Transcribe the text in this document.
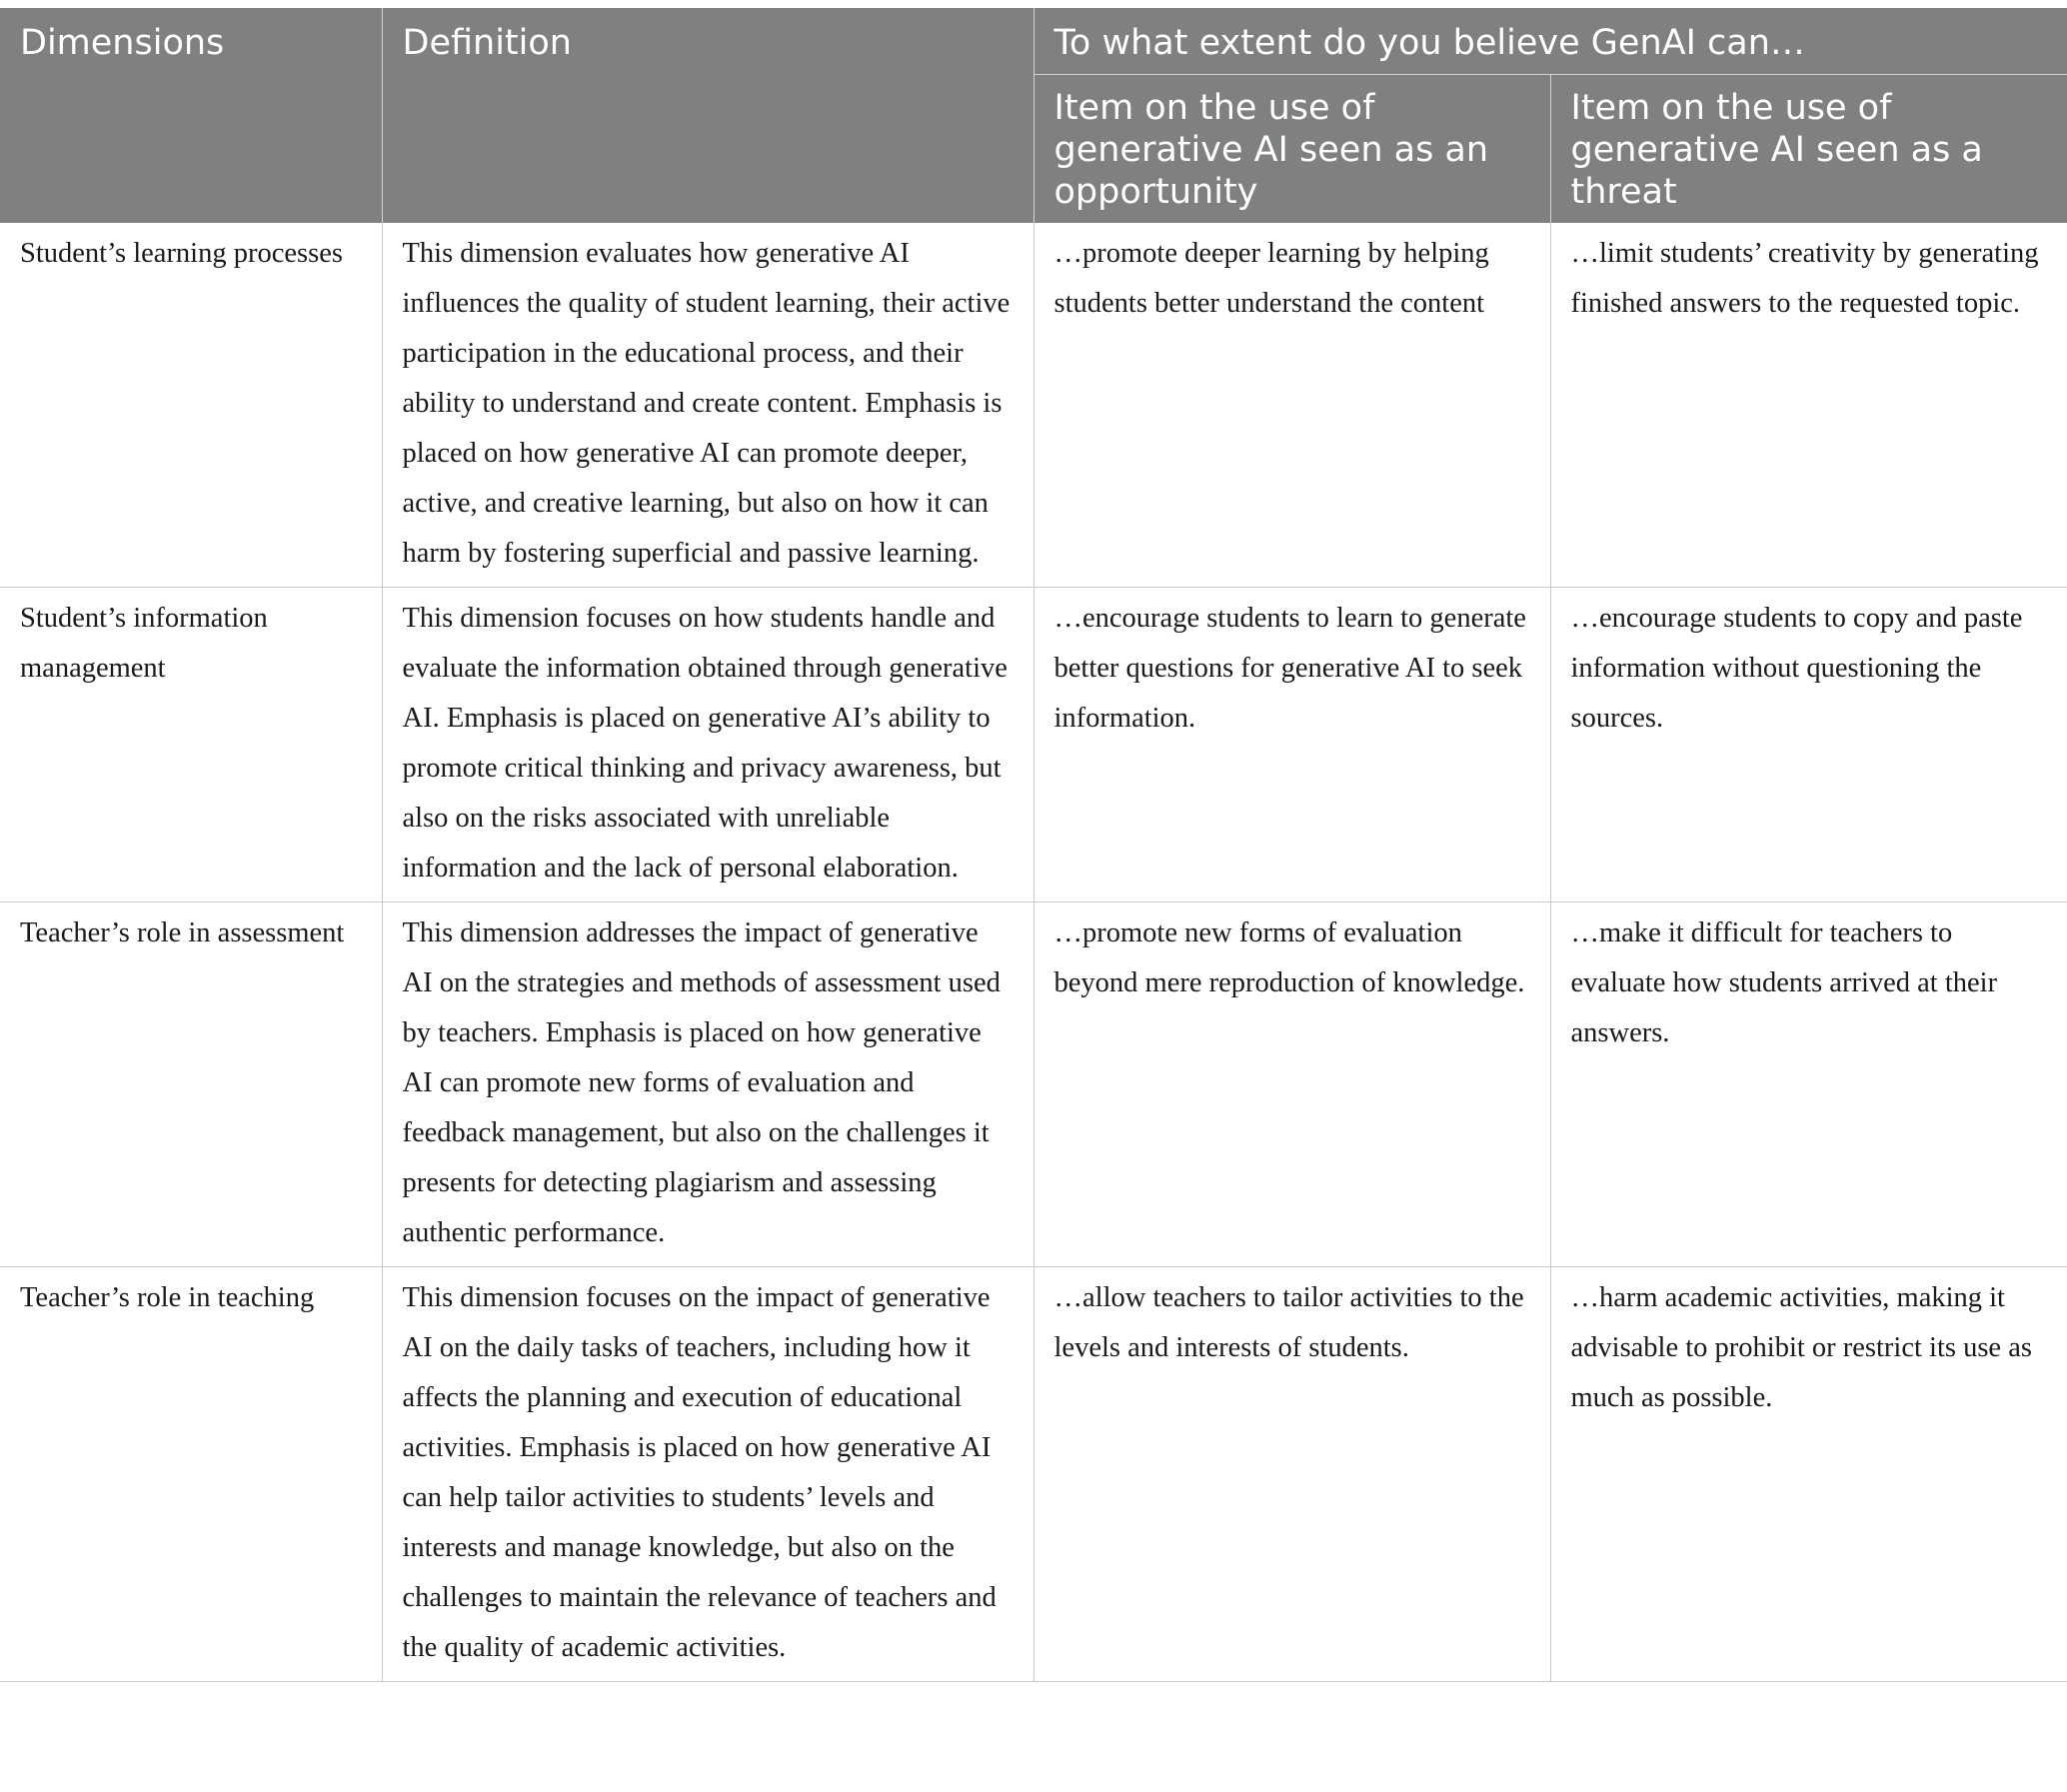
Dimensions	Definition	To what extent do you believe GenAI can…	
		Item on the use of generative AI seen as an opportunity	Item on the use of generative AI seen as a threat
Student’s learning processes	This dimension evaluates how generative AI influences the quality of student learning, their active participation in the educational process, and their ability to understand and create content. Emphasis is placed on how generative AI can promote deeper, active, and creative learning, but also on how it can harm by fostering superficial and passive learning.	…promote deeper learning by helping students better understand the content	…limit students’ creativity by generating finished answers to the requested topic.
Student’s information management	This dimension focuses on how students handle and evaluate the information obtained through generative AI. Emphasis is placed on generative AI’s ability to promote critical thinking and privacy awareness, but also on the risks associated with unreliable information and the lack of personal elaboration.	…encourage students to learn to generate better questions for generative AI to seek information.	…encourage students to copy and paste information without questioning the sources.
Teacher’s role in assessment	This dimension addresses the impact of generative AI on the strategies and methods of assessment used by teachers. Emphasis is placed on how generative AI can promote new forms of evaluation and feedback management, but also on the challenges it presents for detecting plagiarism and assessing authentic performance.	…promote new forms of evaluation beyond mere reproduction of knowledge.	…make it difficult for teachers to evaluate how students arrived at their answers.
Teacher’s role in teaching	This dimension focuses on the impact of generative AI on the daily tasks of teachers, including how it affects the planning and execution of educational activities. Emphasis is placed on how generative AI can help tailor activities to students’ levels and interests and manage knowledge, but also on the challenges to maintain the relevance of teachers and the quality of academic activities.	…allow teachers to tailor activities to the levels and interests of students.	…harm academic activities, making it advisable to prohibit or restrict its use as much as possible.
